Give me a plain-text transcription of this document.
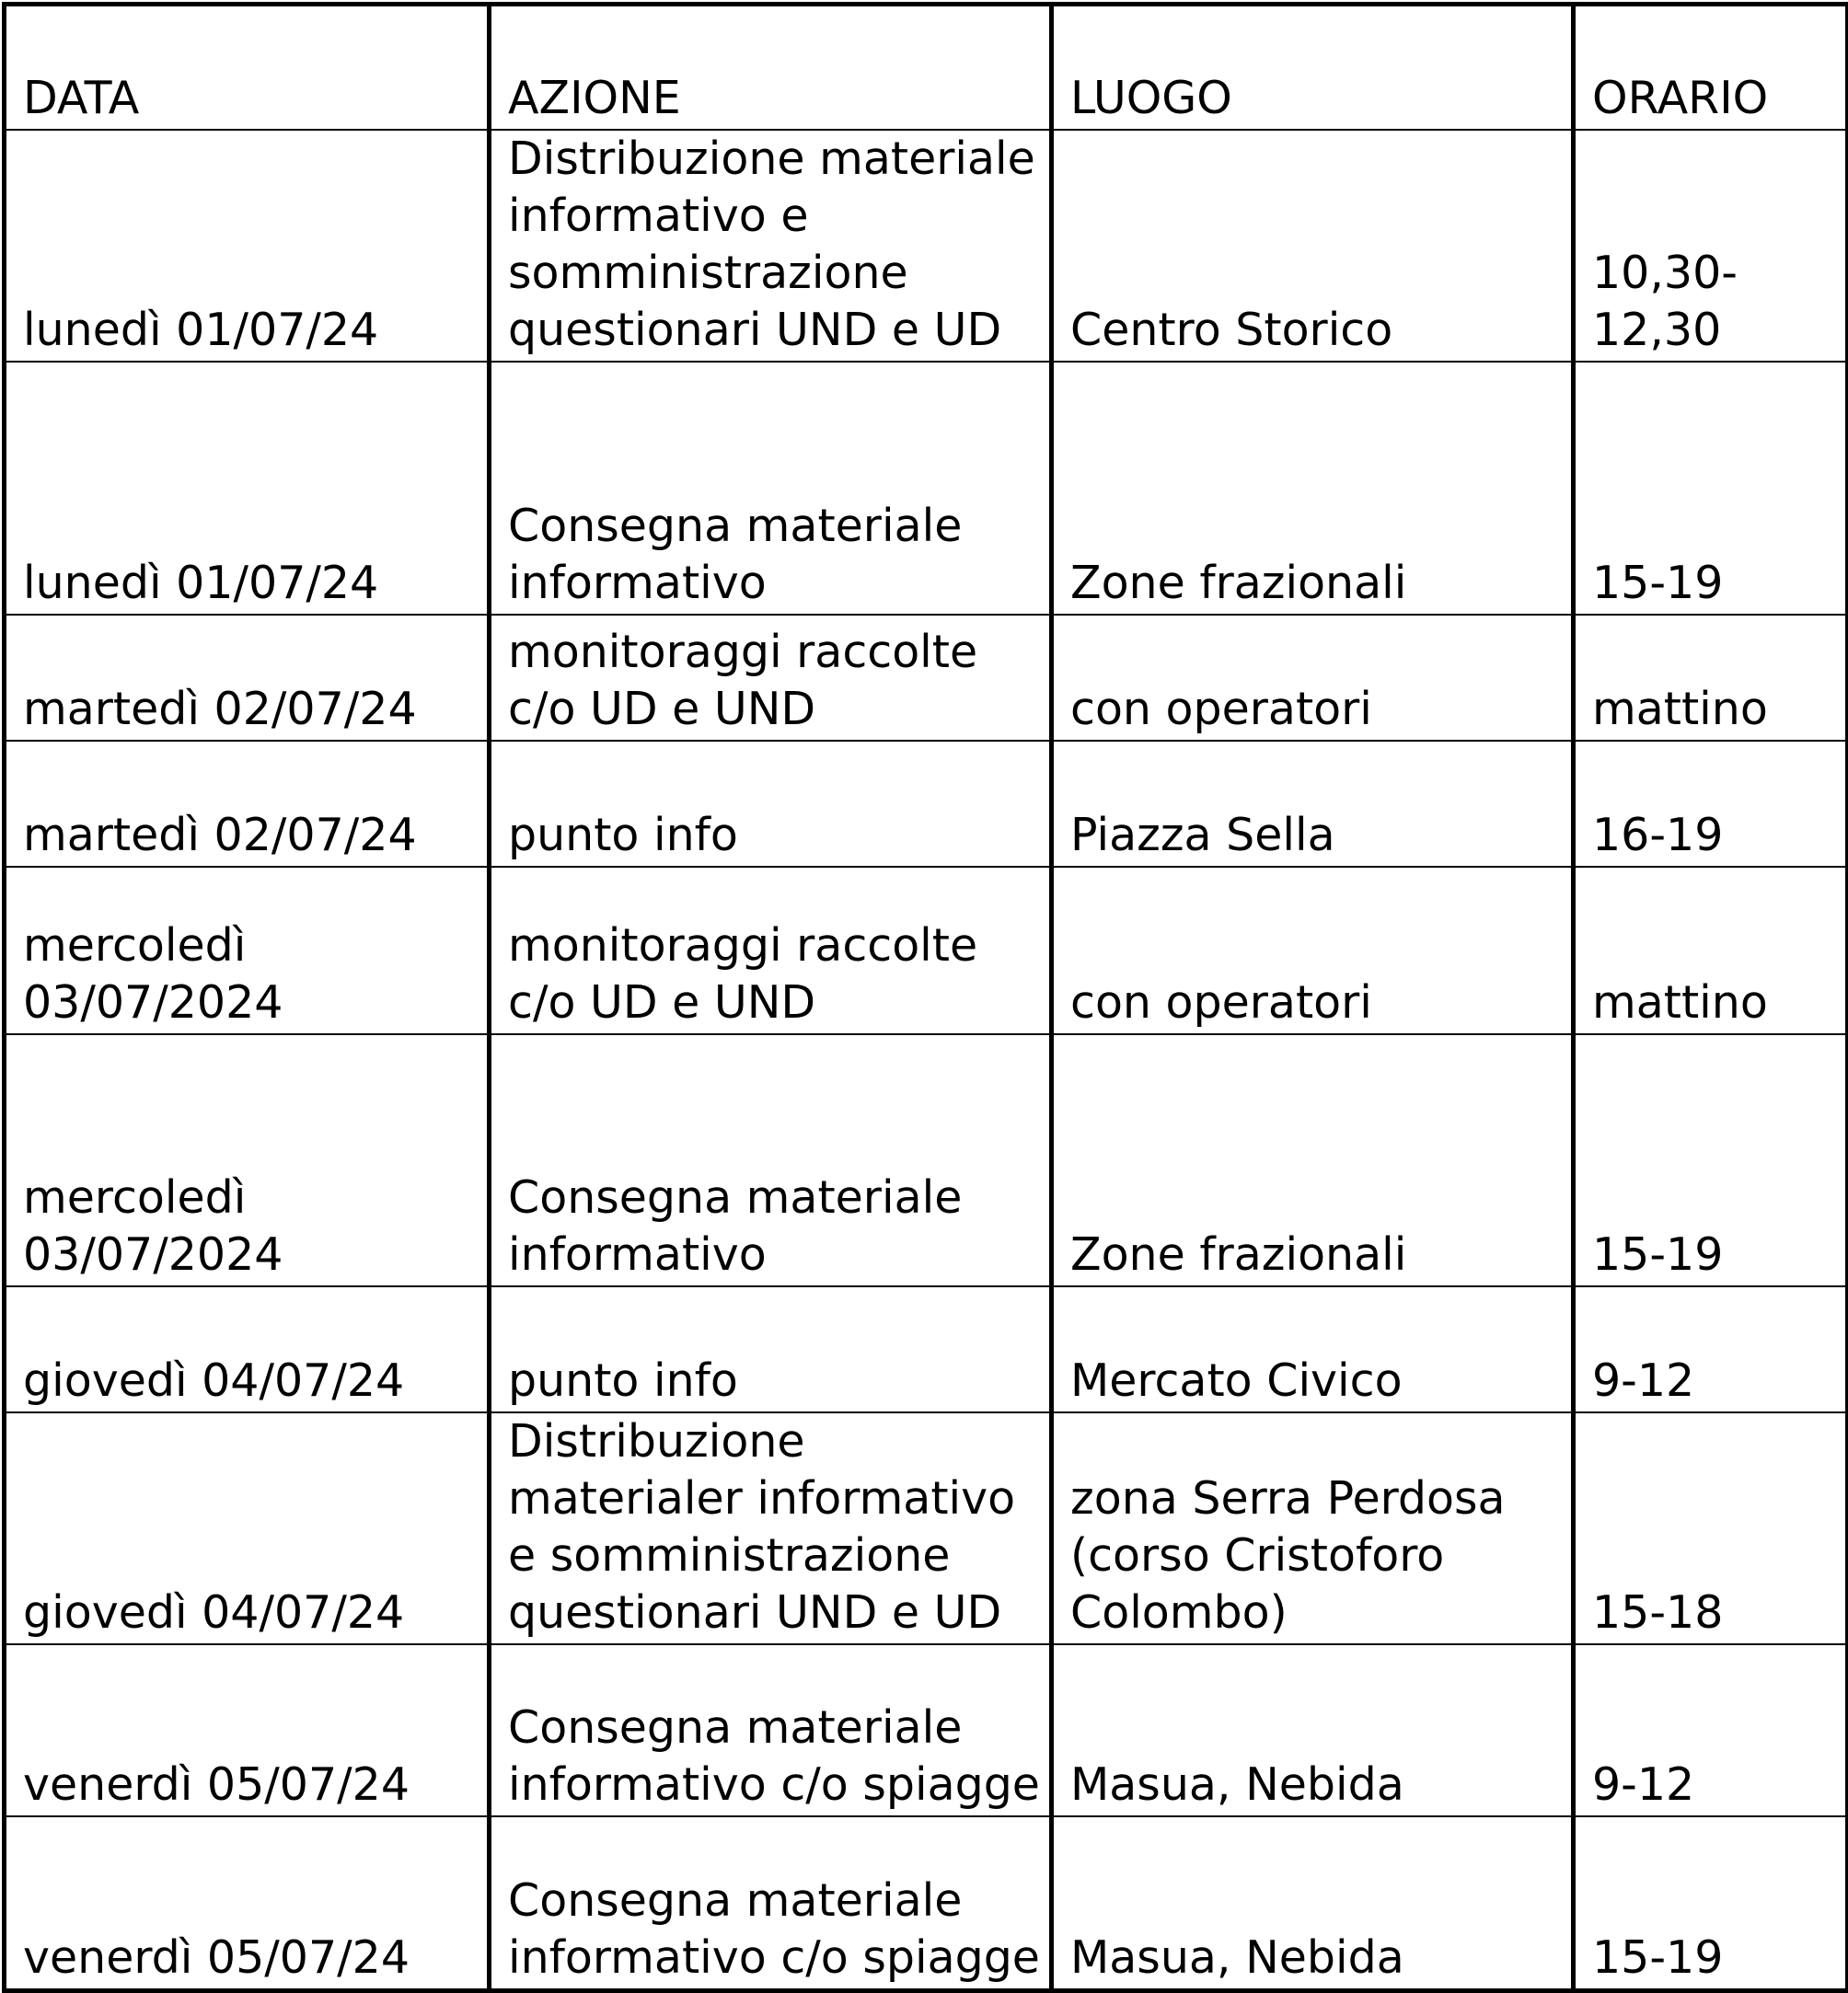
DATA	AZIONE	LUOGO	ORARIO
lunedì 01/07/24	Distribuzione materiale informativo e somministrazione questionari UND e UD	Centro Storico	10,30-12,30
lunedì 01/07/24	Consegna materiale informativo	Zone frazionali	15-19
martedì 02/07/24	monitoraggi raccolte c/o UD e UND	con operatori	mattino
martedì 02/07/24	punto info	Piazza Sella	16-19
mercoledì 03/07/2024	monitoraggi raccolte c/o UD e UND	con operatori	mattino
mercoledì 03/07/2024	Consegna materiale informativo	Zone frazionali	15-19
giovedì 04/07/24	punto info	Mercato Civico	9-12
giovedì 04/07/24	Distribuzione materialer informativo e somministrazione questionari UND e UD	zona Serra Perdosa (corso Cristoforo Colombo)	15-18
venerdì 05/07/24	Consegna materiale informativo c/o spiagge	Masua, Nebida	9-12
venerdì 05/07/24	Consegna materiale informativo c/o spiagge	Masua, Nebida	15-19
